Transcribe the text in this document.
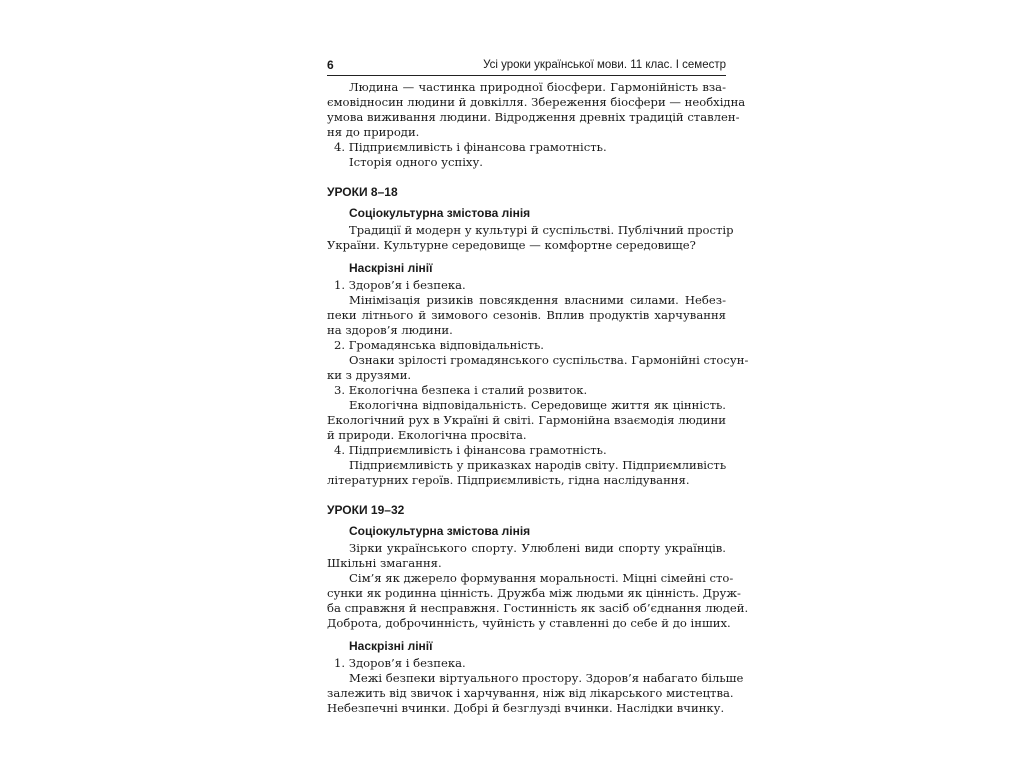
6	Усі уроки української мови. 11 клас. І семестр

Людина — частинка природної біосфери. Гармонійність вза-

ємовідносин людини й довкілля. Збереження біосфери — необхідна

умова виживання людини. Відродження древніх традицій ставлен-

ня до природи.

4. Підприємливість і фінансова грамотність.

Історія одного успіху.

УРОКИ 8–18
Соціокультурна змістова лінія

Традиції й модерн у культурі й суспільстві. Публічний простір

України. Культурне середовище — комфортне середовище?

Наскрізні лінії

1. Здоров’я і безпека.

Мінімізація ризиків повсякдення власними силами. Небез-

пеки літнього й зимового сезонів. Вплив продуктів харчування

на здоров’я людини.

2. Громадянська відповідальність.

Ознаки зрілості громадянського суспільства. Гармонійні стосун-

ки з друзями.

3. Екологічна безпека і сталий розвиток.

Екологічна відповідальність. Середовище життя як цінність.

Екологічний рух в Україні й світі. Гармонійна взаємодія людини

й природи. Екологічна просвіта.

4. Підприємливість і фінансова грамотність.

Підприємливість у приказках народів світу. Підприємливість

літературних героїв. Підприємливість, гідна наслідування.

УРОКИ 19–32
Соціокультурна змістова лінія

Зірки українського спорту. Улюблені види спорту українців.

Шкільні змагання.

Сім’я як джерело формування моральності. Міцні сімейні сто-

сунки як родинна цінність. Дружба між людьми як цінність. Друж-

ба справжня й несправжня. Гостинність як засіб об’єднання людей.

Доброта, доброчинність, чуйність у ставленні до себе й до інших.

Наскрізні лінії

1. Здоров’я і безпека.

Межі безпеки віртуального простору. Здоров’я набагато більше

залежить від звичок і харчування, ніж від лікарського мистецтва.

Небезпечні вчинки. Добрі й безглузді вчинки. Наслідки вчинку.
